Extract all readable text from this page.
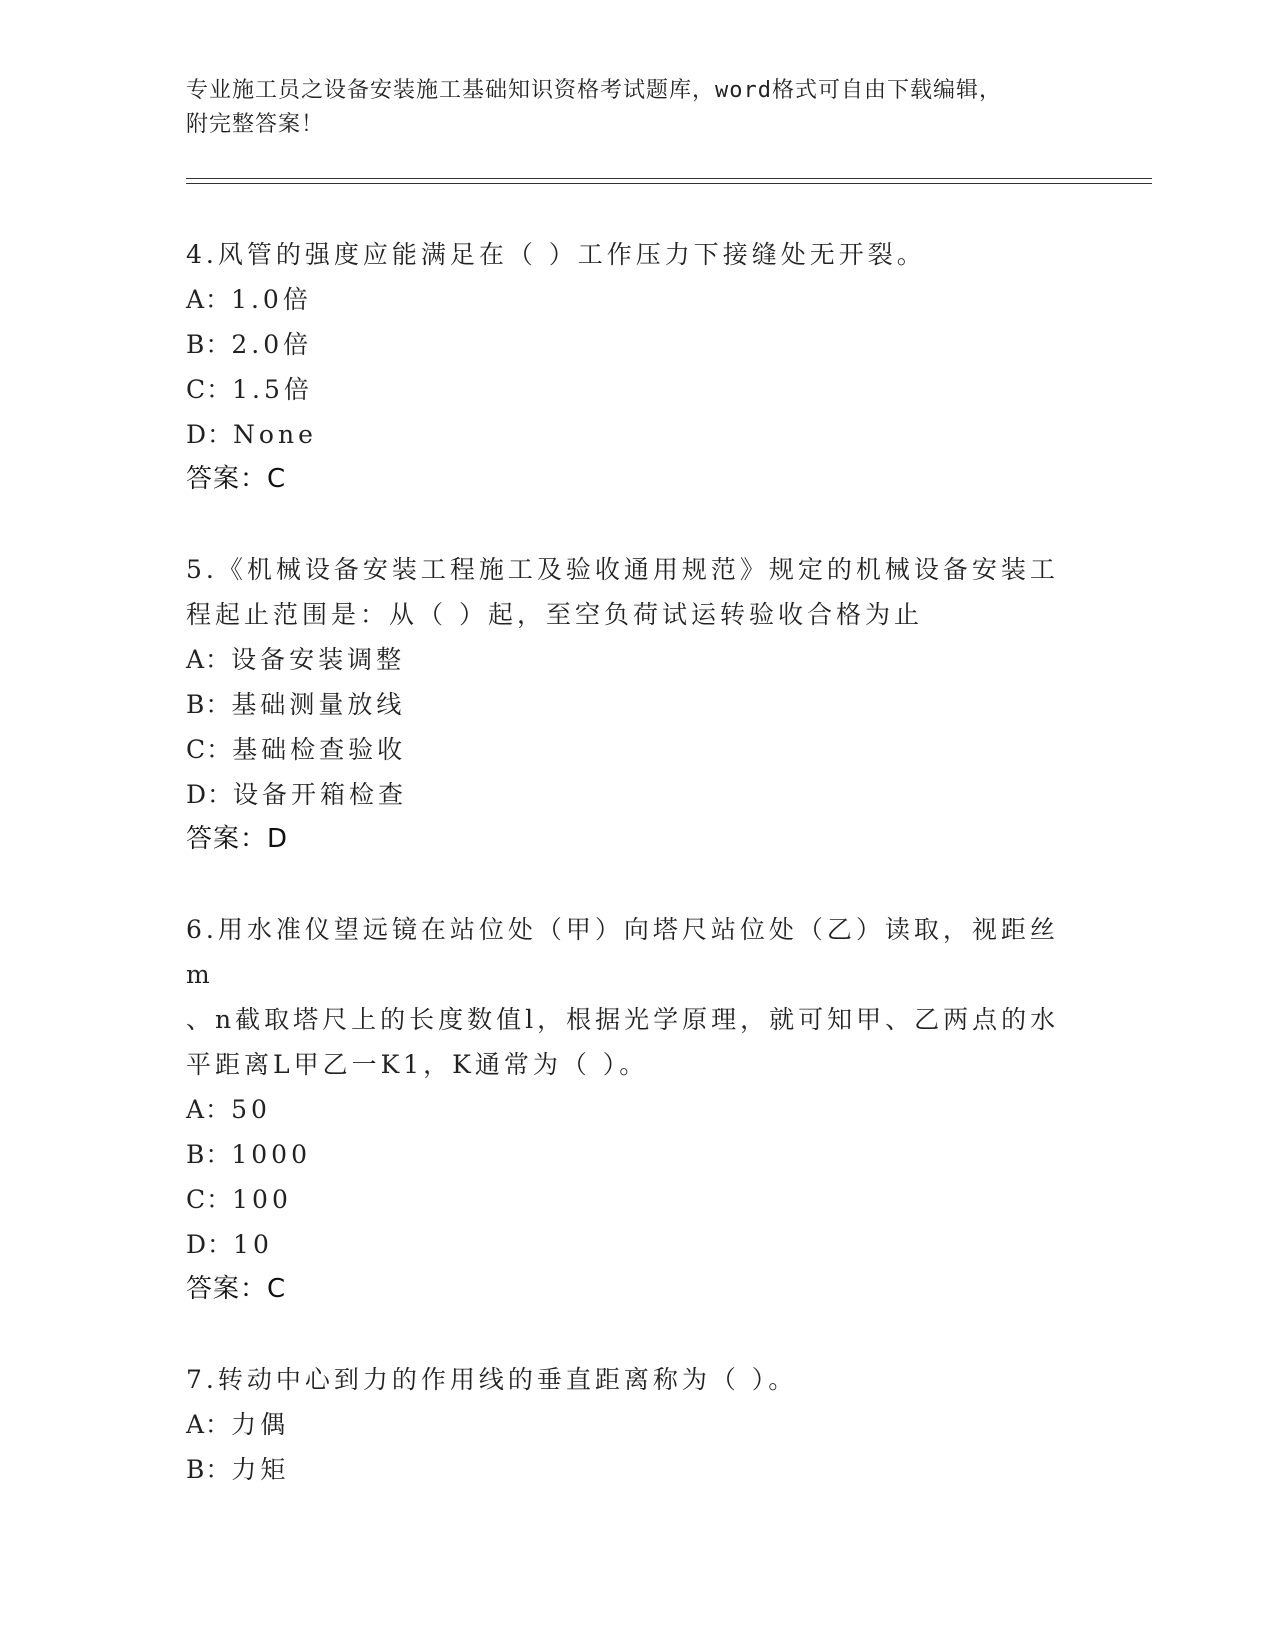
专业施工员之设备安装施工基础知识资格考试题库，word格式可自由下载编辑，
附完整答案！

4.风管的强度应能满足在（ ）工作压力下接缝处无开裂。

A：1.0倍

B：2.0倍

C：1.5倍

D：None

答案：C

5.《机械设备安装工程施工及验收通用规范》规定的机械设备安装工

程起止范围是：从（ ）起，至空负荷试运转验收合格为止

A：设备安装调整

B：基础测量放线

C：基础检查验收

D：设备开箱检查

答案：D

6.用水准仪望远镜在站位处（甲）向塔尺站位处（乙）读取，视距丝m

、n截取塔尺上的长度数值l，根据光学原理，就可知甲、乙两点的水

平距离L甲乙一K1，K通常为（ ）。

A：50

B：1000

C：100

D：10

答案：C

7.转动中心到力的作用线的垂直距离称为（ ）。

A：力偶

B：力矩
